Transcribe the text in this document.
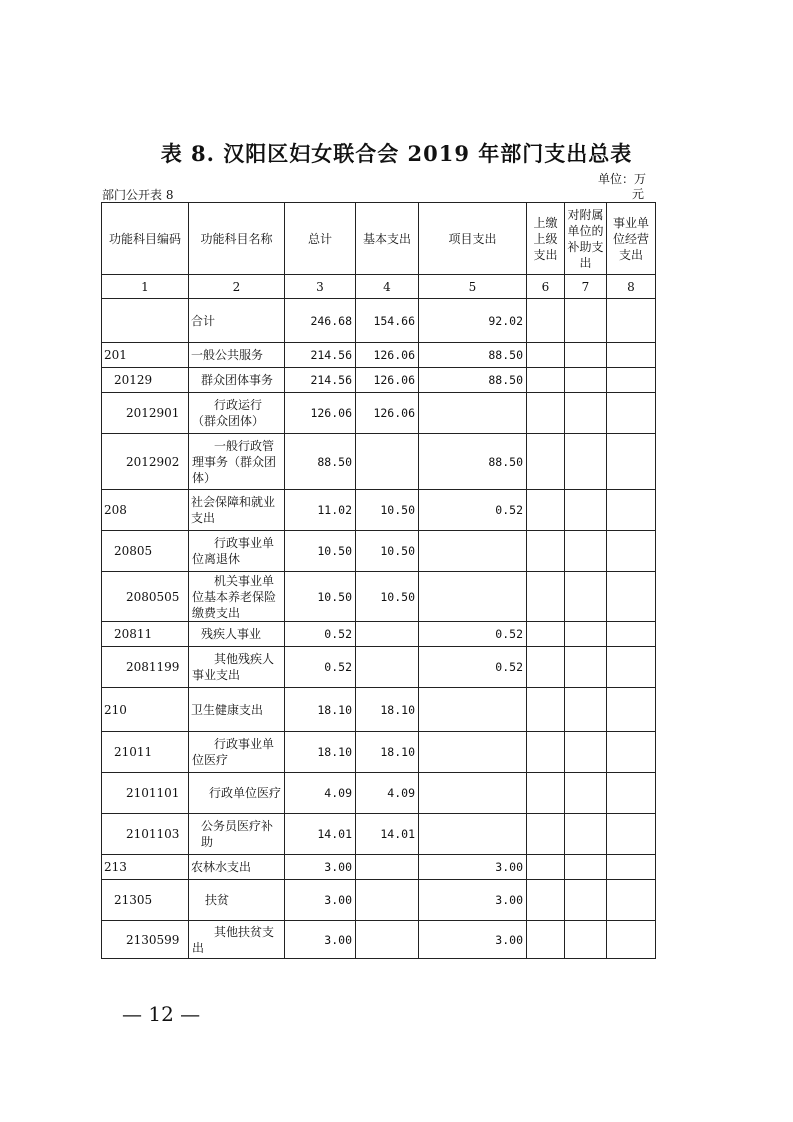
表 8. 汉阳区妇女联合会 2019 年部门支出总表
单位：万
元
部门公开表 8
功能科目编码	功能科目名称	总计	基本支出	项目支出	上缴上级支出	对附属单位的补助支出	事业单位经营支出
1	2	3	4	5	6	7	8
	合计	246.68	154.66	92.02			
201	一般公共服务	214.56	126.06	88.50			
20129	群众团体事务	214.56	126.06	88.50			
2012901	行政运行（群众团体）	126.06	126.06				
2012902	一般行政管理事务（群众团体）	88.50		88.50			
208	社会保障和就业支出	11.02	10.50	0.52			
20805	行政事业单位离退休	10.50	10.50				
2080505	机关事业单位基本养老保险缴费支出	10.50	10.50				
20811	残疾人事业	0.52		0.52			
2081199	其他残疾人事业支出	0.52		0.52			
210	卫生健康支出	18.10	18.10				
21011	行政事业单位医疗	18.10	18.10				
2101101	行政单位医疗	4.09	4.09				
2101103	公务员医疗补助	14.01	14.01				
213	农林水支出	3.00		3.00			
21305	扶贫	3.00		3.00			
2130599	其他扶贫支出	3.00		3.00			
— 12 —
